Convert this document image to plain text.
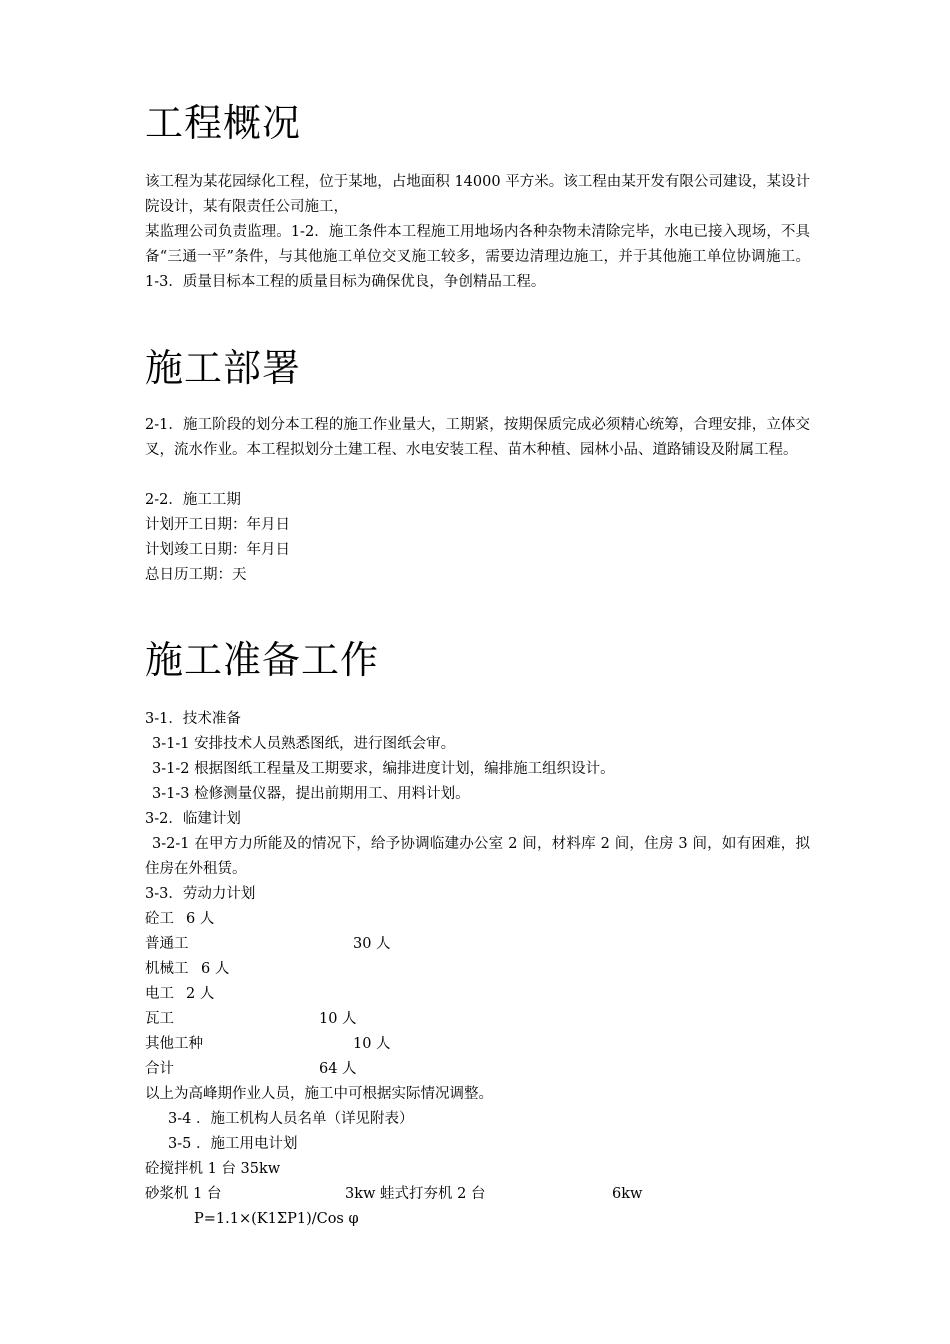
工程概况

该工程为某花园绿化工程，位于某地，占地面积 14000 平方米。该工程由某开发有限公司建设，某设计院设计，某有限责任公司施工，

某监理公司负责监理。1-2．施工条件本工程施工用地场内各种杂物未清除完毕，水电已接入现场，不具备“三通一平”条件，与其他施工单位交叉施工较多，需要边清理边施工，并于其他施工单位协调施工。1-3．质量目标本工程的质量目标为确保优良，争创精品工程。

施工部署

2-1．施工阶段的划分本工程的施工作业量大，工期紧，按期保质完成必须精心统筹，合理安排，立体交叉，流水作业。本工程拟划分土建工程、水电安装工程、苗木种植、园林小品、道路铺设及附属工程。

2-2．施工工期

计划开工日期：年月日

计划竣工日期：年月日

总日历工期：天

施工准备工作

3-1．技术准备

3-1-1 安排技术人员熟悉图纸，进行图纸会审。

3-1-2 根据图纸工程量及工期要求，编排进度计划，编排施工组织设计。

3-1-3 检修测量仪器，提出前期用工、用料计划。

3-2．临建计划

3-2-1 在甲方力所能及的情况下，给予协调临建办公室 2 间，材料库 2 间，住房 3 间，如有困难，拟住房在外租赁。

3-3．劳动力计划

砼工 6 人

普通工	30 人

机械工 6 人

电工 2 人

瓦工	10 人

其他工种	10 人

合计	64 人

以上为高峰期作业人员，施工中可根据实际情况调整。

3-4 ．施工机构人员名单（详见附表）

3-5 ．施工用电计划

砼搅拌机 1 台 35kw

砂浆机 1 台	3kw 蛙式打夯机 2 台	6kw

P=1.1×(K1ΣP1)/Cos φ
